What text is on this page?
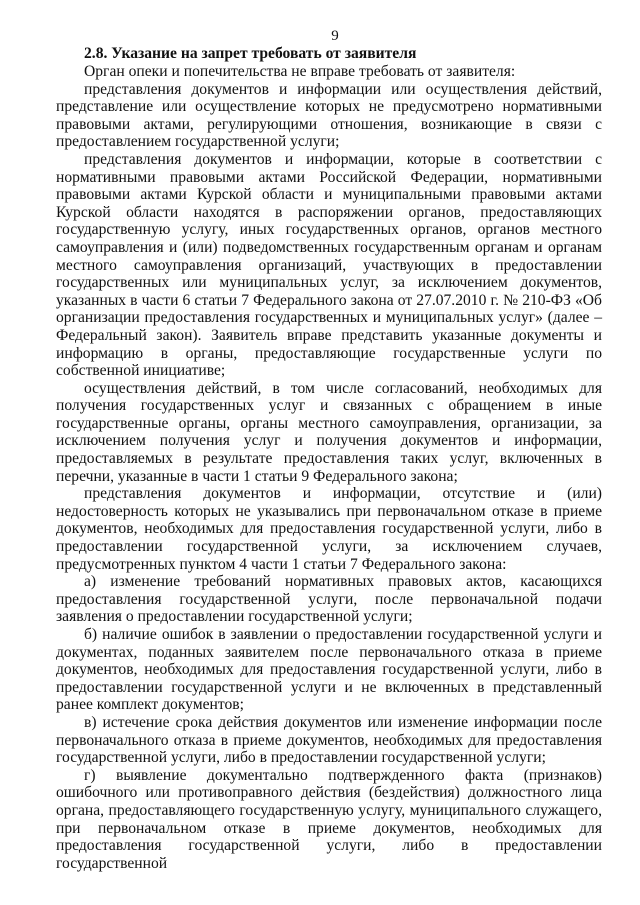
9

2.8. Указание на запрет требовать от заявителя

Орган опеки и попечительства не вправе требовать от заявителя:

представления документов и информации или осуществления действий, представление или осуществление которых не предусмотрено нормативными правовыми актами, регулирующими отношения, возникающие в связи с предоставлением государственной услуги;

представления документов и информации, которые в соответствии с нормативными правовыми актами Российской Федерации, нормативными правовыми актами Курской области и муниципальными правовыми актами Курской области находятся в распоряжении органов, предоставляющих государственную услугу, иных государственных органов, органов местного самоуправления и (или) подведомственных государственным органам и органам местного самоуправления организаций, участвующих в предоставлении государственных или муниципальных услуг, за исключением документов, указанных в части 6 статьи 7 Федерального закона от 27.07.2010 г. № 210-ФЗ «Об организации предоставления государственных и муниципальных услуг» (далее – Федеральный закон). Заявитель вправе представить указанные документы и информацию в органы, предоставляющие государственные услуги по собственной инициативе;

осуществления действий, в том числе согласований, необходимых для получения государственных услуг и связанных с обращением в иные государственные органы, органы местного самоуправления, организации, за исключением получения услуг и получения документов и информации, предоставляемых в результате предоставления таких услуг, включенных в перечни, указанные в части 1 статьи 9 Федерального закона;

представления документов и информации, отсутствие и (или) недостоверность которых не указывались при первоначальном отказе в приеме документов, необходимых для предоставления государственной услуги, либо в предоставлении государственной услуги, за исключением случаев, предусмотренных пунктом 4 части 1 статьи 7 Федерального закона:

а) изменение требований нормативных правовых актов, касающихся предоставления государственной услуги, после первоначальной подачи заявления о предоставлении государственной услуги;

б) наличие ошибок в заявлении о предоставлении государственной услуги и документах, поданных заявителем после первоначального отказа в приеме документов, необходимых для предоставления государственной услуги, либо в предоставлении государственной услуги и не включенных в представленный ранее комплект документов;

в) истечение срока действия документов или изменение информации после первоначального отказа в приеме документов, необходимых для предоставления государственной услуги, либо в предоставлении государственной услуги;

г) выявление документально подтвержденного факта (признаков) ошибочного или противоправного действия (бездействия) должностного лица органа, предоставляющего государственную услугу, муниципального служащего, при первоначальном отказе в приеме документов, необходимых для предоставления государственной услуги, либо в предоставлении государственной
